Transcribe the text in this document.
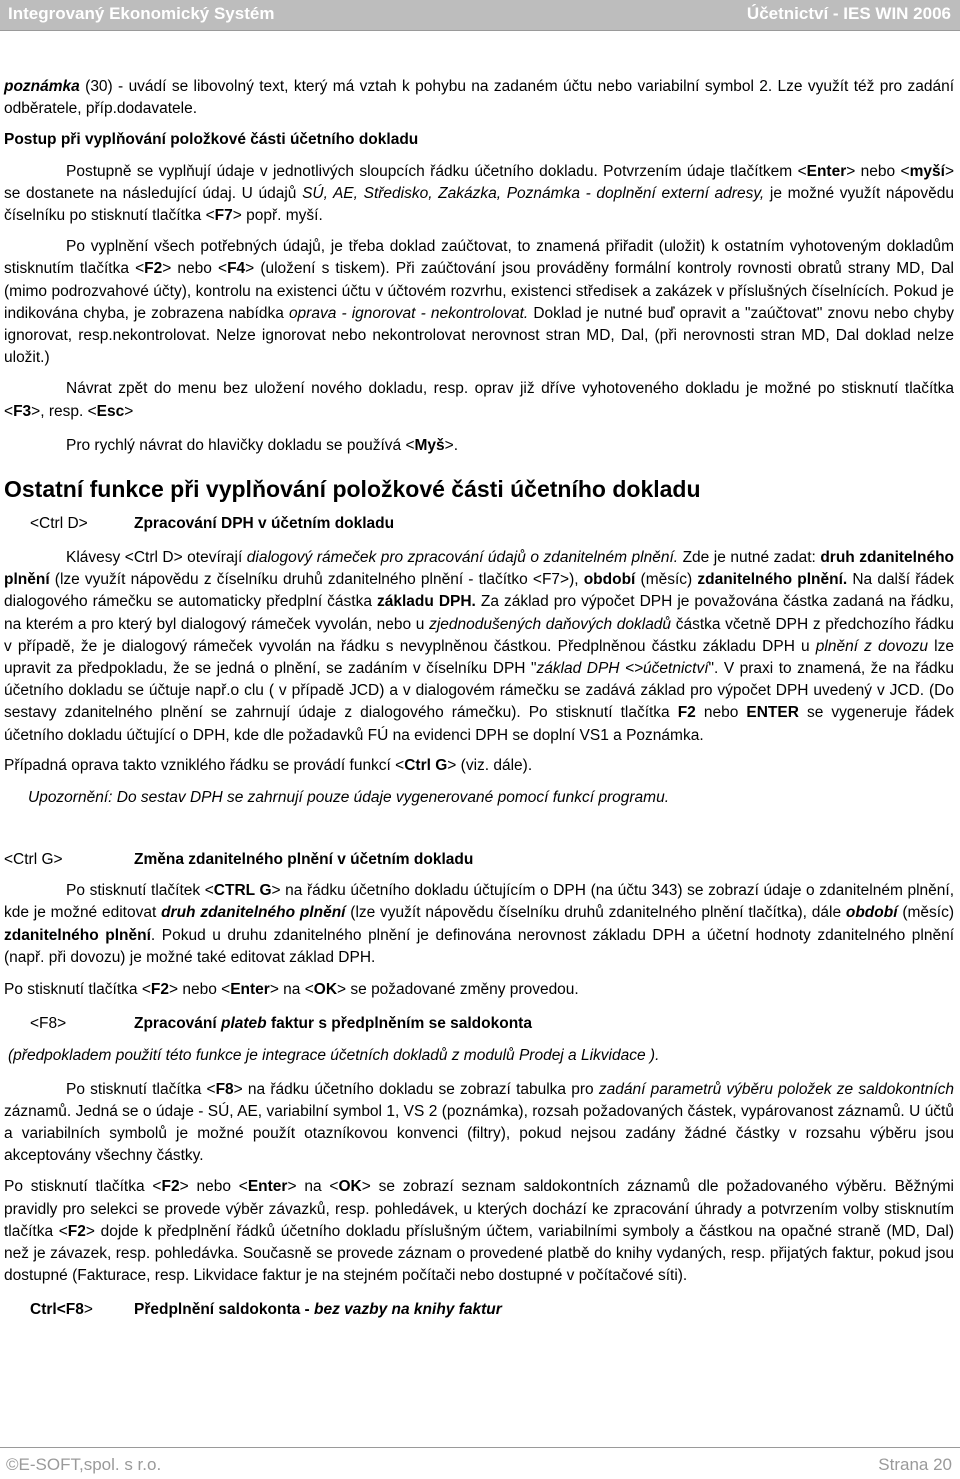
Integrovaný Ekonomický Systém	Účetnictví - IES WIN 2006

poznámka (30) - uvádí se libovolný text, který má vztah k pohybu na zadaném účtu nebo variabilní symbol 2. Lze využít též pro zadání odběratele, příp.dodavatele.

Postup při vyplňování položkové části účetního dokladu

Postupně se vyplňují údaje v jednotlivých sloupcích řádku účetního dokladu. Potvrzením údaje tlačítkem <Enter> nebo <myší> se dostanete na následující údaj. U údajů SÚ, AE, Středisko, Zakázka, Poznámka - doplnění externí adresy, je možné využít nápovědu číselníku po stisknutí tlačítka <F7> popř. myší.

Po vyplnění všech potřebných údajů, je třeba doklad zaúčtovat, to znamená přiřadit (uložit) k ostatním vyhotoveným dokladům stisknutím tlačítka <F2> nebo <F4> (uložení s tiskem). Při zaúčtování jsou prováděny formální kontroly rovnosti obratů strany MD, Dal (mimo podrozvahové účty), kontrolu na existenci účtu v účtovém rozvrhu, existenci středisek a zakázek v příslušných číselnících. Pokud je indikována chyba, je zobrazena nabídka oprava - ignorovat - nekontrolovat. Doklad je nutné buď opravit a "zaúčtovat" znovu nebo chyby ignorovat, resp.nekontrolovat. Nelze ignorovat nebo nekontrolovat nerovnost stran MD, Dal, (při nerovnosti stran MD, Dal doklad nelze uložit.)

Návrat zpět do menu bez uložení nového dokladu, resp. oprav již dříve vyhotoveného dokladu je možné po stisknutí tlačítka <F3>, resp. <Esc>

Pro rychlý návrat do hlavičky dokladu se používá <Myš>.

Ostatní funkce při vyplňování položkové části účetního dokladu

<Ctrl D>	Zpracování DPH v účetním dokladu

Klávesy <Ctrl D> otevírají dialogový rámeček pro zpracování údajů o zdanitelném plnění. Zde je nutné zadat: druh zdanitelného plnění (lze využít nápovědu z číselníku druhů zdanitelného plnění - tlačítko <F7>), období (měsíc) zdanitelného plnění. Na další řádek dialogového rámečku se automaticky předplní částka základu DPH. Za základ pro výpočet DPH je považována částka zadaná na řádku, na kterém a pro který byl dialogový rámeček vyvolán, nebo u zjednodušených daňových dokladů částka včetně DPH z předchozího řádku v případě, že je dialogový rámeček vyvolán na řádku s nevyplněnou částkou. Předplněnou částku základu DPH u plnění z dovozu lze upravit za předpokladu, že se jedná o plnění, se zadáním v číselníku DPH "základ DPH <>účetnictví". V praxi to znamená, že na řádku účetního dokladu se účtuje např.o clu ( v případě JCD) a v dialogovém rámečku se zadává základ pro výpočet DPH uvedený v JCD. (Do sestavy zdanitelného plnění se zahrnují údaje z dialogového rámečku). Po stisknutí tlačítka F2 nebo ENTER se vygeneruje řádek účetního dokladu účtující o DPH, kde dle požadavků FÚ na evidenci DPH se doplní VS1 a Poznámka.

Případná oprava takto vzniklého řádku se provádí funkcí <Ctrl G> (viz. dále).

Upozornění: Do sestav DPH se zahrnují pouze údaje vygenerované pomocí funkcí programu.

<Ctrl G>	Změna zdanitelného plnění v účetním dokladu

Po stisknutí tlačítek <CTRL G> na řádku účetního dokladu účtujícím o DPH (na účtu 343) se zobrazí údaje o zdanitelném plnění, kde je možné editovat druh zdanitelného plnění (lze využít nápovědu číselníku druhů zdanitelného plnění tlačítka), dále období (měsíc) zdanitelného plnění. Pokud u druhu zdanitelného plnění je definována nerovnost základu DPH a účetní hodnoty zdanitelného plnění (např. při dovozu) je možné také editovat základ DPH.

Po stisknutí tlačítka <F2> nebo <Enter> na <OK> se požadované změny provedou.

<F8>	Zpracování plateb faktur s předplněním se saldokonta

(předpokladem použití této funkce je integrace účetních dokladů z modulů Prodej a Likvidace ).

Po stisknutí tlačítka <F8> na řádku účetního dokladu se zobrazí tabulka pro zadání parametrů výběru položek ze saldokontních záznamů. Jedná se o údaje - SÚ, AE, variabilní symbol 1, VS 2 (poznámka), rozsah požadovaných částek, vypárovanost záznamů. U účtů a variabilních symbolů je možné použít otazníkovou konvenci (filtry), pokud nejsou zadány žádné částky v rozsahu výběru jsou akceptovány všechny částky.

Po stisknutí tlačítka <F2> nebo <Enter> na <OK> se zobrazí seznam saldokontních záznamů dle požadovaného výběru. Běžnými pravidly pro selekci se provede výběr závazků, resp. pohledávek, u kterých dochází ke zpracování úhrady a potvrzením volby stisknutím tlačítka <F2> dojde k předplnění řádků účetního dokladu příslušným účtem, variabilními symboly a částkou na opačné straně (MD, Dal) než je závazek, resp. pohledávka. Současně se provede záznam o provedené platbě do knihy vydaných, resp. přijatých faktur, pokud jsou dostupné (Fakturace, resp. Likvidace faktur je na stejném počítači nebo dostupné v počítačové síti).

Ctrl<F8>	Předplnění saldokonta - bez vazby na knihy faktur
©E-SOFT,spol. s r.o.	Strana 20
